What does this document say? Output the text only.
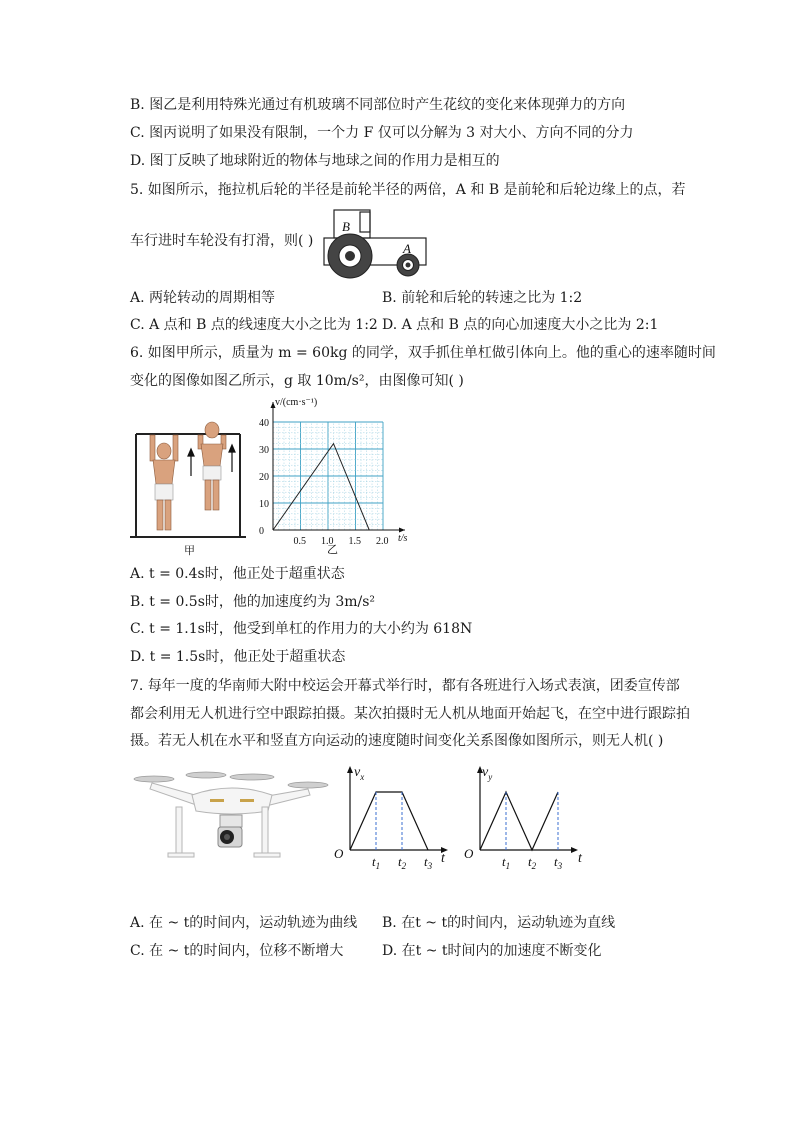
B. 图乙是利用特殊光通过有机玻璃不同部位时产生花纹的变化来体现弹力的方向
C. 图丙说明了如果没有限制，一个力 F 仅可以分解为 3 对大小、方向不同的分力
D. 图丁反映了地球附近的物体与地球之间的作用力是相互的
5. 如图所示，拖拉机后轮的半径是前轮半径的两倍，A 和 B 是前轮和后轮边缘上的点，若
车行进时车轮没有打滑，则( )
B
A
A. 两轮转动的周期相等	B. 前轮和后轮的转速之比为 1:2
C. A 点和 B 点的线速度大小之比为 1:2 D. A 点和 B 点的向心加速度大小之比为 2:1
6. 如图甲所示，质量为 m = 60kg 的同学，双手抓住单杠做引体向上。他的重心的速率随时间
变化的图像如图乙所示，g 取 10m/s²，由图像可知( )
甲
0.5 1.0 1.5 2.0
0
10
20
30
40
v/(cm·s⁻¹)
t/s
乙
A. t = 0.4s时，他正处于超重状态
B. t = 0.5s时，他的加速度约为 3m/s²
C. t = 1.1s时，他受到单杠的作用力的大小约为 618N
D. t = 1.5s时，他正处于超重状态
7. 每年一度的华南师大附中校运会开幕式举行时，都有各班进行入场式表演，团委宣传部
都会利用无人机进行空中跟踪拍摄。某次拍摄时无人机从地面开始起飞，在空中进行跟踪拍
摄。若无人机在水平和竖直方向运动的速度随时间变化关系图像如图所示，则无人机( )
$t_1$ $t_2$ $t_3$
$v_x$
O	t	$t_1$ $t_2$ $t_3$
$v_y$
O	t
A. 在 ~ t的时间内，运动轨迹为曲线 B. 在t ~ t的时间内，运动轨迹为直线
C. 在 ~ t的时间内，位移不断增大	D. 在t ~ t时间内的加速度不断变化
